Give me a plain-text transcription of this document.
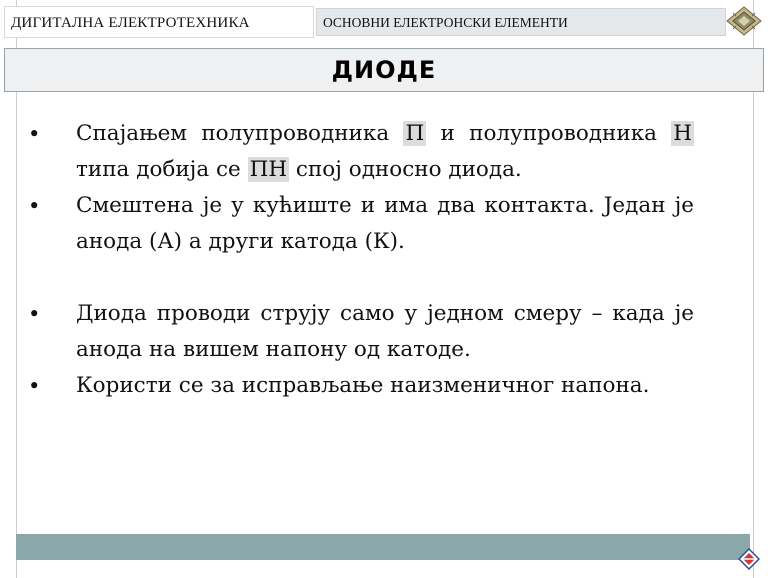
ДИГИТАЛНА ЕЛЕКТРОТЕХНИКА	ОСНОВНИ ЕЛЕКТРОНСКИ ЕЛЕМЕНТИ
ДИОДЕ
•	Спајањем полупроводника П и полупроводника Н типа добија се ПН спој односно диода.
•	Смештена је у кућиште и има два контакта. Један је анода (А) а други катода (К).
•	Диода проводи струју само у једном смеру – када је анода на вишем напону од катоде.
•	Користи се за исправљање наизменичног напона.
